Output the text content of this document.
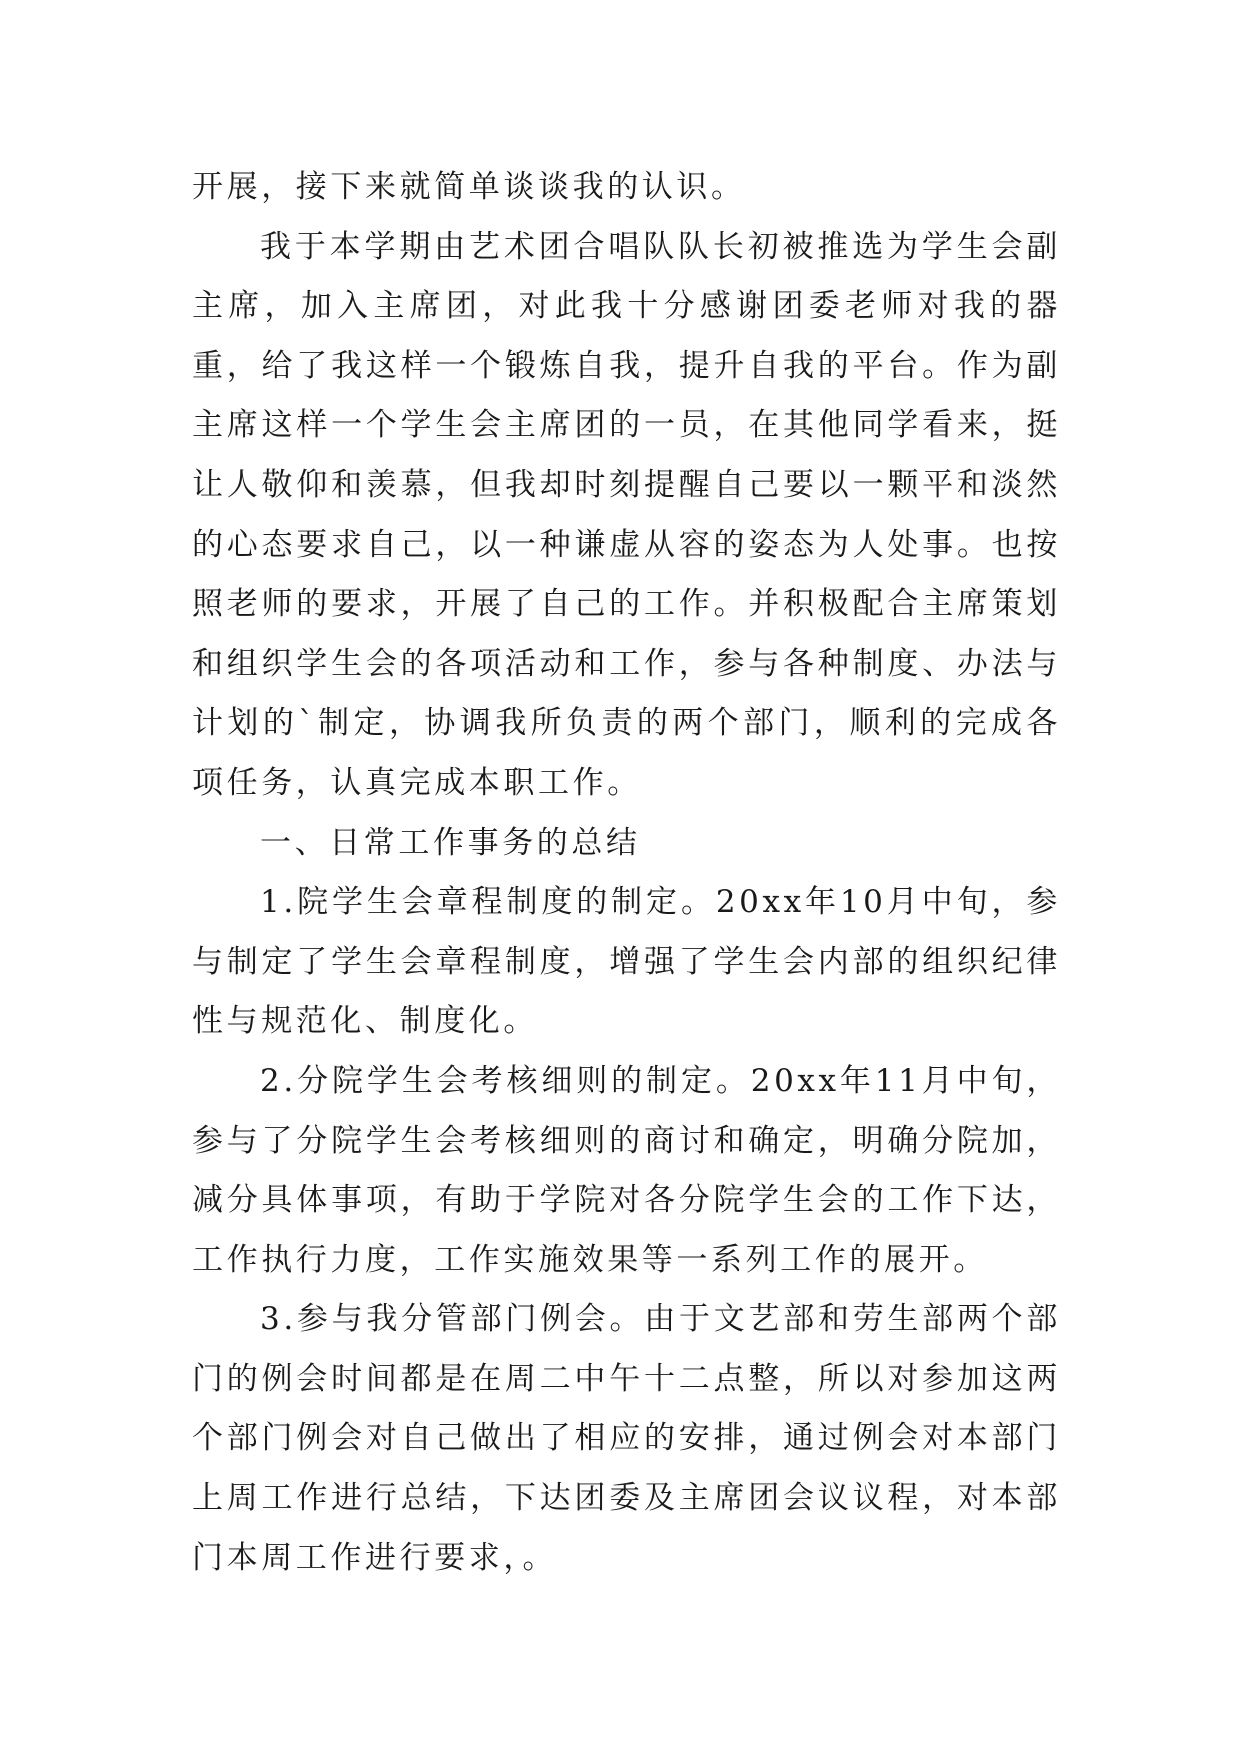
开展，接下来就简单谈谈我的认识。

我于本学期由艺术团合唱队队长初被推选为学生会副主席，加入主席团，对此我十分感谢团委老师对我的器重，给了我这样一个锻炼自我，提升自我的平台。作为副主席这样一个学生会主席团的一员，在其他同学看来，挺让人敬仰和羡慕，但我却时刻提醒自己要以一颗平和淡然的心态要求自己，以一种谦虚从容的姿态为人处事。也按照老师的要求，开展了自己的工作。并积极配合主席策划和组织学生会的各项活动和工作，参与各种制度、办法与计划的`制定，协调我所负责的两个部门，顺利的完成各项任务，认真完成本职工作。

一、日常工作事务的总结

1.院学生会章程制度的制定。20xx年10月中旬，参与制定了学生会章程制度，增强了学生会内部的组织纪律性与规范化、制度化。

2.分院学生会考核细则的制定。20xx年11月中旬，参与了分院学生会考核细则的商讨和确定，明确分院加，减分具体事项，有助于学院对各分院学生会的工作下达，工作执行力度，工作实施效果等一系列工作的展开。

3.参与我分管部门例会。由于文艺部和劳生部两个部门的例会时间都是在周二中午十二点整，所以对参加这两个部门例会对自己做出了相应的安排，通过例会对本部门上周工作进行总结，下达团委及主席团会议议程，对本部门本周工作进行要求，。
